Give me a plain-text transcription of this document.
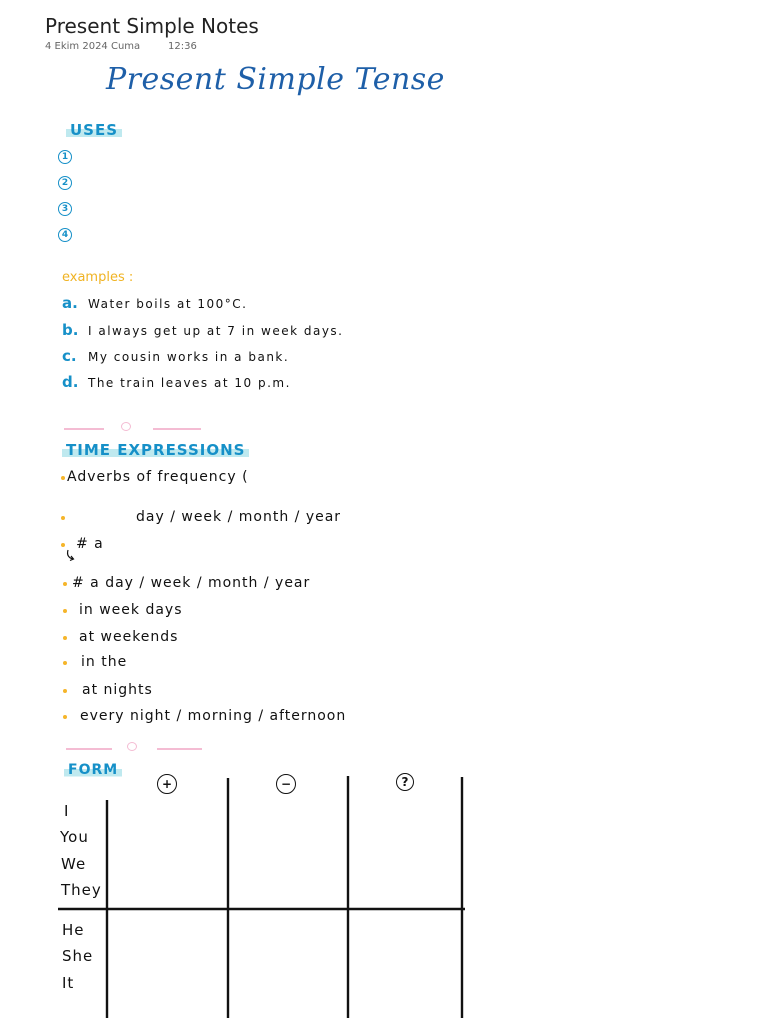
Present Simple Notes
4 Ekim 2024 Cuma	12:36
Present Simple Tense
USES
1
2
3
4
examples :
a. Water boils at 100°C.
b. I always get up at 7 in week days.
c. My cousin works in a bank.
d. The train leaves at 10 p.m.
TIME EXPRESSIONS
Adverbs of frequency (
day / week / month / year
# a
# a day / week / month / year
in week days
at weekends
in the
at nights
every night / morning / afternoon
FORM
+	−	?
I
You
We
They
He
She
It
